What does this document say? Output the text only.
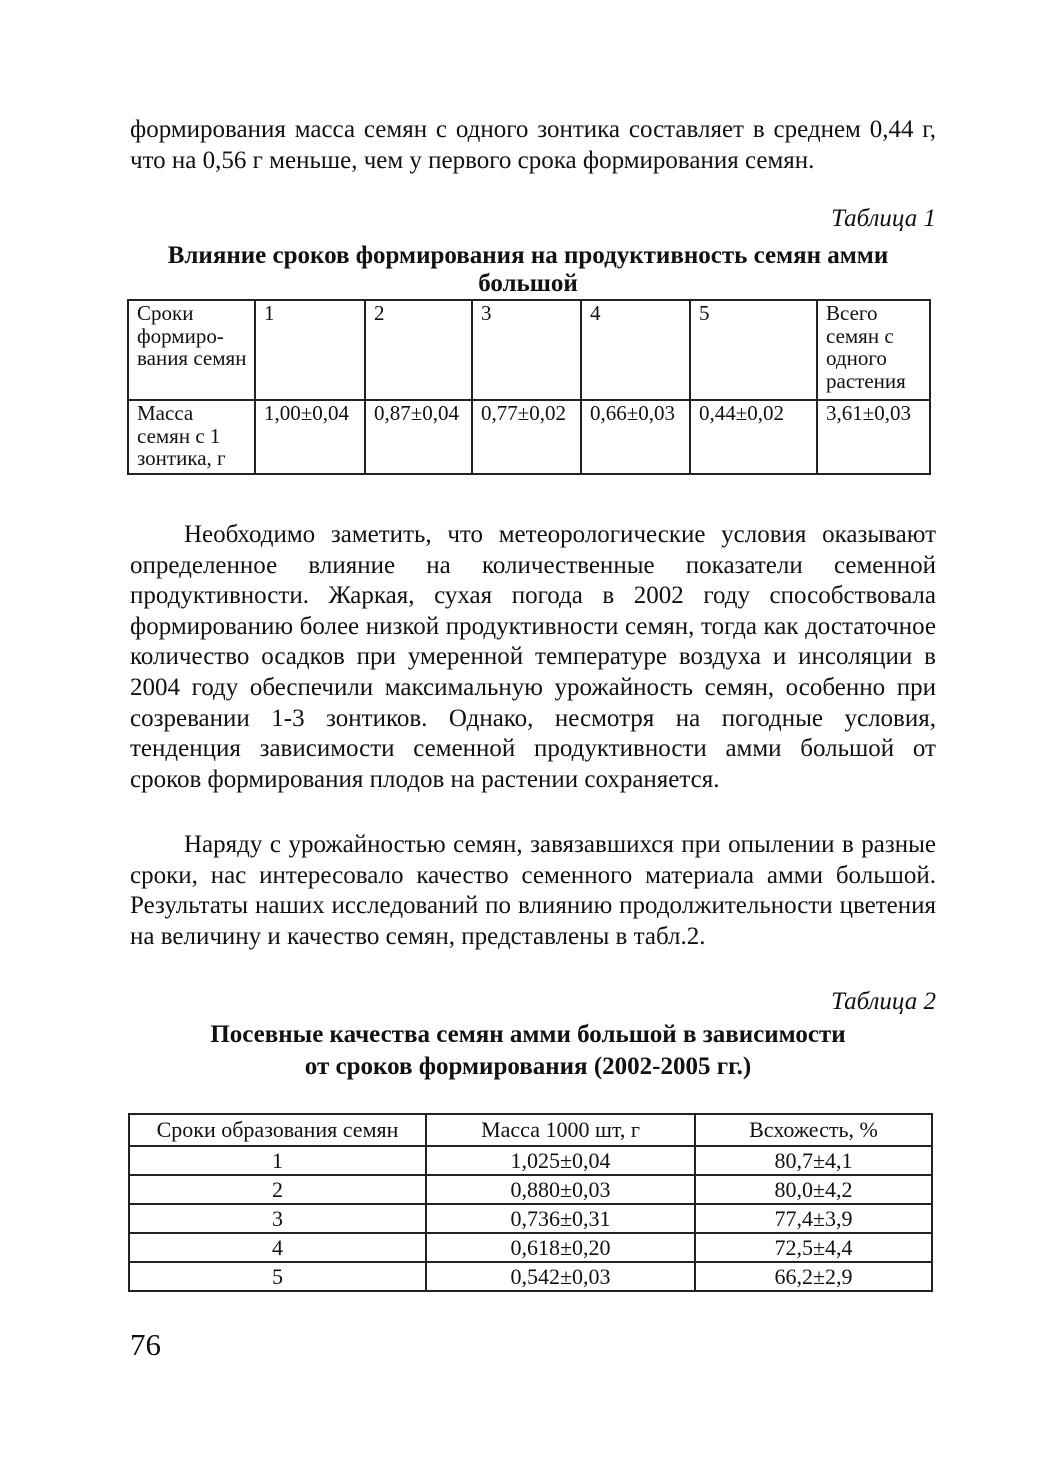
формирования масса семян с одного зонтика составляет в среднем 0,44 г, что на 0,56 г меньше, чем у первого срока формирования семян.

Таблица 1

Влияние сроков формирования на продуктивность семян амми большой

Сроки формиро-вания семян	1	2	3	4	5	Всего семян с одного растения
Масса семян с 1 зонтика, г	1,00±0,04	0,87±0,04	0,77±0,02	0,66±0,03	0,44±0,02	3,61±0,03

Необходимо заметить, что метеорологические условия оказывают определенное влияние на количественные показатели семенной продуктивности. Жаркая, сухая погода в 2002 году способствовала формированию более низкой продуктивности семян, тогда как достаточное количество осадков при умеренной температуре воздуха и инсоляции в 2004 году обеспечили максимальную урожайность семян, особенно при созревании 1-3 зонтиков. Однако, несмотря на погодные условия, тенденция зависимости семенной продуктивности амми большой от сроков формирования плодов на растении сохраняется.

Наряду с урожайностью семян, завязавшихся при опылении в разные сроки, нас интересовало качество семенного материала амми большой. Результаты наших исследований по влиянию продолжительности цветения на величину и качество семян, представлены в табл.2.

Таблица 2

Посевные качества семян амми большой в зависимости

от сроков формирования (2002-2005 гг.)

Сроки образования семян	Масса 1000 шт, г	Всхожесть, %
1	1,025±0,04	80,7±4,1
2	0,880±0,03	80,0±4,2
3	0,736±0,31	77,4±3,9
4	0,618±0,20	72,5±4,4
5	0,542±0,03	66,2±2,9

76
